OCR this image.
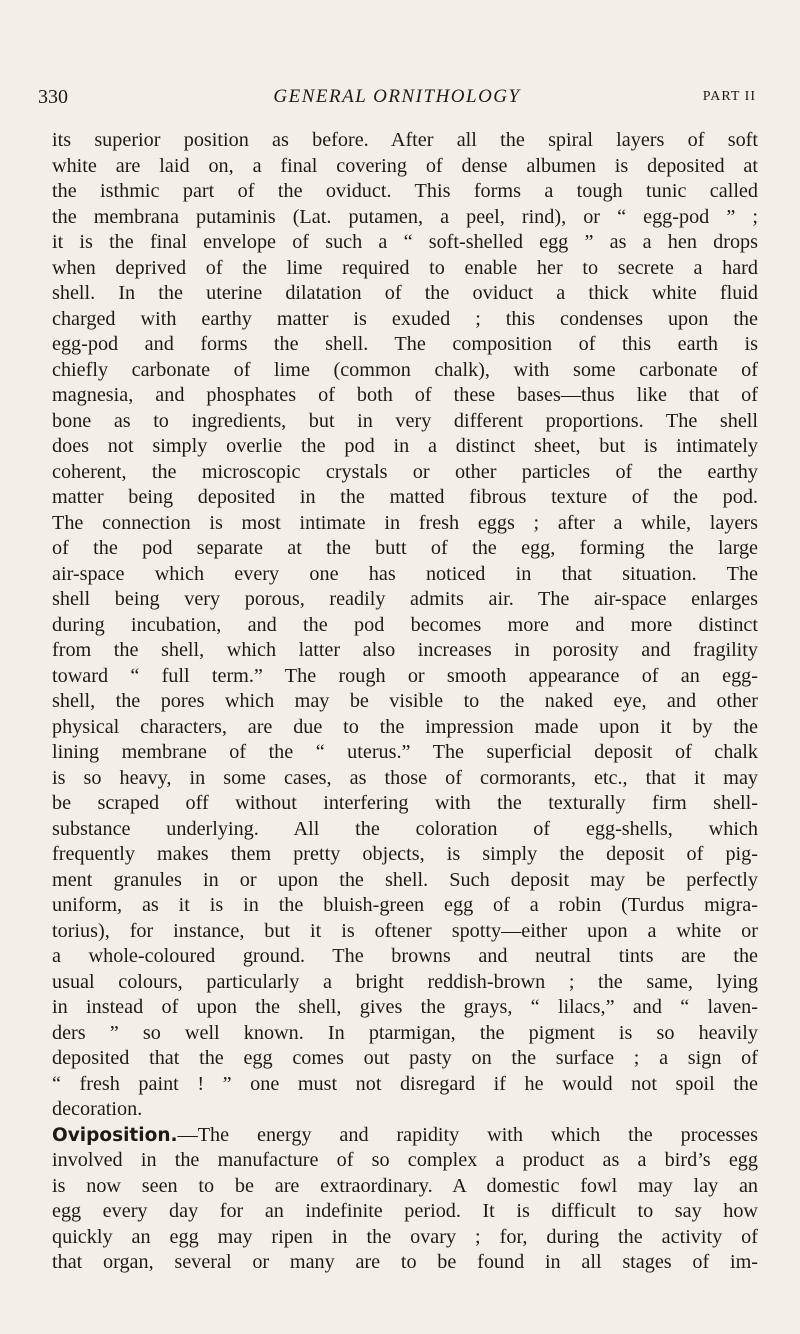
330	GENERAL ORNITHOLOGY	PART II

its superior position as before. After all the spiral layers of soft
white are laid on, a final covering of dense albumen is deposited at
the isthmic part of the oviduct. This forms a tough tunic called
the membrana putaminis (Lat. putamen, a peel, rind), or “ egg-pod ” ;
it is the final envelope of such a “ soft-shelled egg ” as a hen drops
when deprived of the lime required to enable her to secrete a hard
shell. In the uterine dilatation of the oviduct a thick white fluid
charged with earthy matter is exuded ; this condenses upon the
egg-pod and forms the shell. The composition of this earth is
chiefly carbonate of lime (common chalk), with some carbonate of
magnesia, and phosphates of both of these bases—thus like that of
bone as to ingredients, but in very different proportions. The shell
does not simply overlie the pod in a distinct sheet, but is intimately
coherent, the microscopic crystals or other particles of the earthy
matter being deposited in the matted fibrous texture of the pod.
The connection is most intimate in fresh eggs ; after a while, layers
of the pod separate at the butt of the egg, forming the large
air-space which every one has noticed in that situation. The
shell being very porous, readily admits air. The air-space enlarges
during incubation, and the pod becomes more and more distinct
from the shell, which latter also increases in porosity and fragility
toward “ full term.” The rough or smooth appearance of an egg-
shell, the pores which may be visible to the naked eye, and other
physical characters, are due to the impression made upon it by the
lining membrane of the “ uterus.” The superficial deposit of chalk
is so heavy, in some cases, as those of cormorants, etc., that it may
be scraped off without interfering with the texturally firm shell-
substance underlying. All the coloration of egg-shells, which
frequently makes them pretty objects, is simply the deposit of pig-
ment granules in or upon the shell. Such deposit may be perfectly
uniform, as it is in the bluish-green egg of a robin (Turdus migra-
torius), for instance, but it is oftener spotty—either upon a white or
a whole-coloured ground. The browns and neutral tints are the
usual colours, particularly a bright reddish-brown ; the same, lying
in instead of upon the shell, gives the grays, “ lilacs,” and “ laven-
ders ” so well known. In ptarmigan, the pigment is so heavily
deposited that the egg comes out pasty on the surface ; a sign of
“ fresh paint ! ” one must not disregard if he would not spoil the
decoration.

Oviposition.—The energy and rapidity with which the processes
involved in the manufacture of so complex a product as a bird’s egg
is now seen to be are extraordinary. A domestic fowl may lay an
egg every day for an indefinite period. It is difficult to say how
quickly an egg may ripen in the ovary ; for, during the activity of
that organ, several or many are to be found in all stages of im-
